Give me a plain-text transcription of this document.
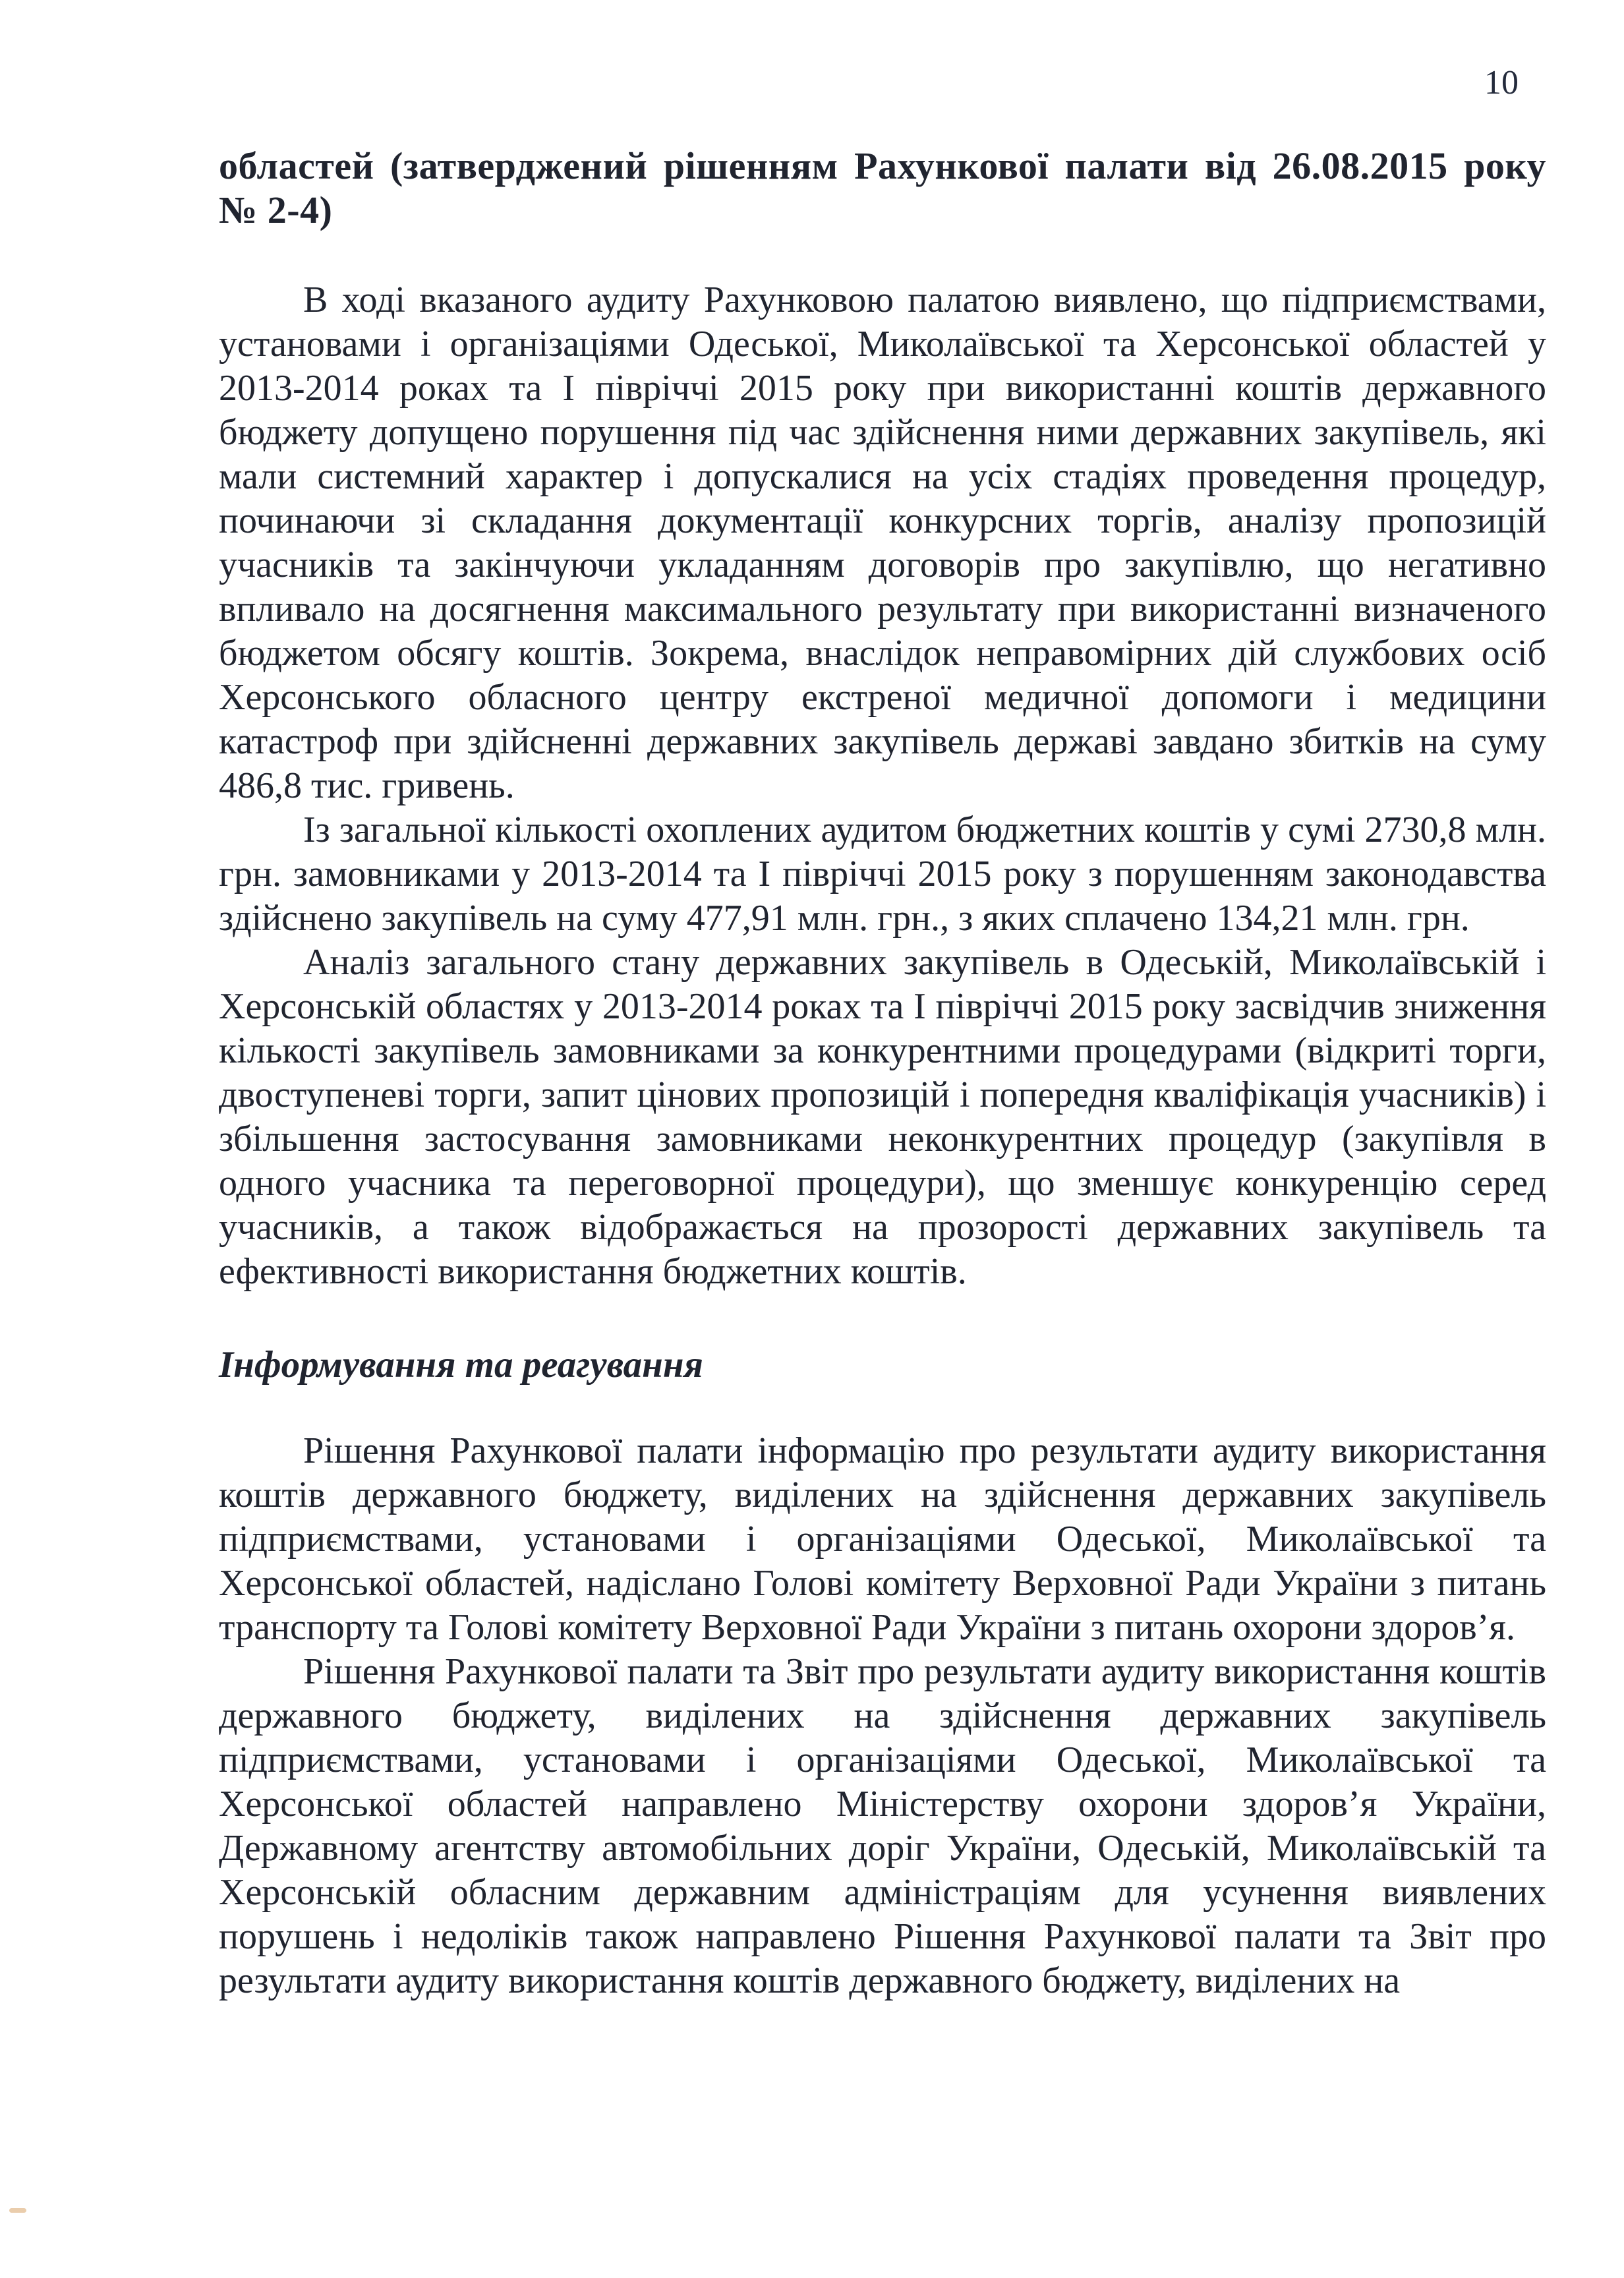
10
областей (затверджений рішенням Рахункової палати від 26.08.2015 року № 2-4)

В ході вказаного аудиту Рахунковою палатою виявлено, що підприємствами, установами і організаціями Одеської, Миколаївської та Херсонської областей у 2013-2014 роках та І півріччі 2015 року при використанні коштів державного бюджету допущено порушення під час здійснення ними державних закупівель, які мали системний характер і допускалися на усіх стадіях проведення процедур, починаючи зі складання документації конкурсних торгів, аналізу пропозицій учасників та закінчуючи укладанням договорів про закупівлю, що негативно впливало на досягнення максимального результату при використанні визначеного бюджетом обсягу коштів. Зокрема, внаслідок неправомірних дій службових осіб Херсонського обласного центру екстреної медичної допомоги і медицини катастроф при здійсненні державних закупівель державі завдано збитків на суму 486,8 тис. гривень.

Із загальної кількості охоплених аудитом бюджетних коштів у сумі 2730,8 млн. грн. замовниками у 2013-2014 та І півріччі 2015 року з порушенням законодавства здійснено закупівель на суму 477,91 млн. грн., з яких сплачено 134,21 млн. грн.

Аналіз загального стану державних закупівель в Одеській, Миколаївській і Херсонській областях у 2013-2014 роках та І півріччі 2015 року засвідчив зниження кількості закупівель замовниками за конкурентними процедурами (відкриті торги, двоступеневі торги, запит цінових пропозицій і попередня кваліфікація учасників) і збільшення застосування замовниками неконкурентних процедур (закупівля в одного учасника та переговорної процедури), що зменшує конкуренцію серед учасників, а також відображається на прозорості державних закупівель та ефективності використання бюджетних коштів.

Інформування та реагування

Рішення Рахункової палати інформацію про результати аудиту використання коштів державного бюджету, виділених на здійснення державних закупівель підприємствами, установами і організаціями Одеської, Миколаївської та Херсонської областей, надіслано Голові комітету Верховної Ради України з питань транспорту та Голові комітету Верховної Ради України з питань охорони здоров’я.

Рішення Рахункової палати та Звіт про результати аудиту використання коштів державного бюджету, виділених на здійснення державних закупівель підприємствами, установами і організаціями Одеської, Миколаївської та Херсонської областей направлено Міністерству охорони здоров’я України, Державному агентству автомобільних доріг України, Одеській, Миколаївській та Херсонській обласним державним адміністраціям для усунення виявлених порушень і недоліків також направлено Рішення Рахункової палати та Звіт про результати аудиту використання коштів державного бюджету, виділених на
